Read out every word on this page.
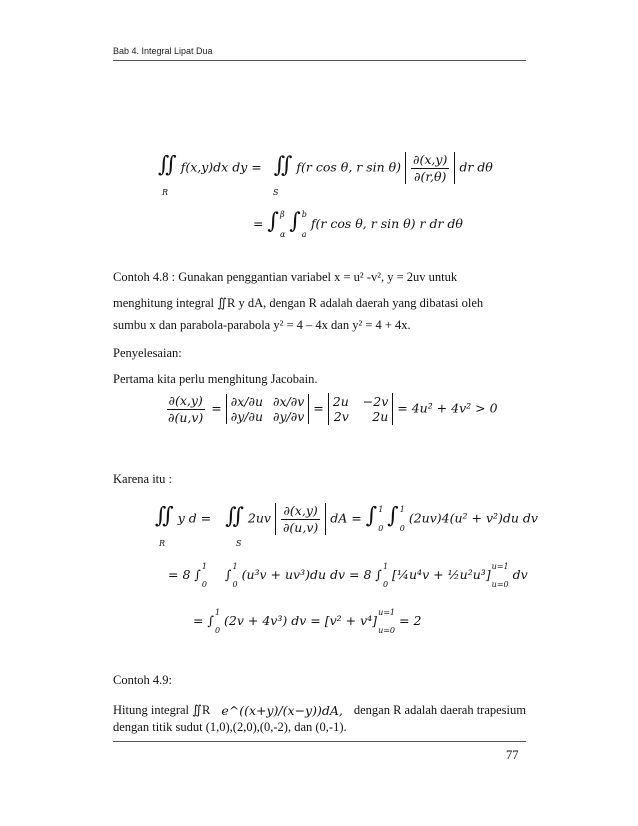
Bab 4. Integral Lipat Dua
∬ f(x,y)dx dy = ∬ f(r cos θ, r $\sin \theta) \frac{\partial(x,y)}{\partial(r,\theta)}$ dr dθ
R	S
= ∫ β
α ∫ b
a
f(r cos θ, r sin θ) r dr dθ
Contoh 4.8 : Gunakan penggantian variabel x = u² -v², y = 2uv untuk
menghitung integral ∬R y dA, dengan R adalah daerah yang dibatasi oleh
sumbu x dan parabola-parabola y² = 4 – 4x dan y² = 4 + 4x.
Penyelesaian:
Pertama kita perlu menghitung Jacobain.
$\frac{\partial(x,y)}{\partial(u,v)} = \partial x/\partial u$ ∂x/∂v
∂y/∂u ∂y/∂v
= 2u −2v
2v	2u
= 4u² + 4v² > 0
Karena itu :
∬ y d = ∬ $2uv \frac{\partial(x,y)}{\partial(u,v)}$ dA = ∫ 1
0 ∫ 1
0
(2uv)4(u² + v²)du dv
R	S
= 8 ∫
1
0
∫
1
0
(u³v + uv³)du dv = 8 ∫
1
0
[¼u⁴v + ½u²u³]
u=1
u=0
dv
= ∫
1
0
(2v + 4v³) dv = [v² + v⁴]
u=1
u=0
= 2
Contoh 4.9:
Hitung integral ∬R e^((x+y)/(x−y))dA, dengan R adalah daerah trapesium
dengan titik sudut (1,0),(2,0),(0,-2), dan (0,-1).
77
